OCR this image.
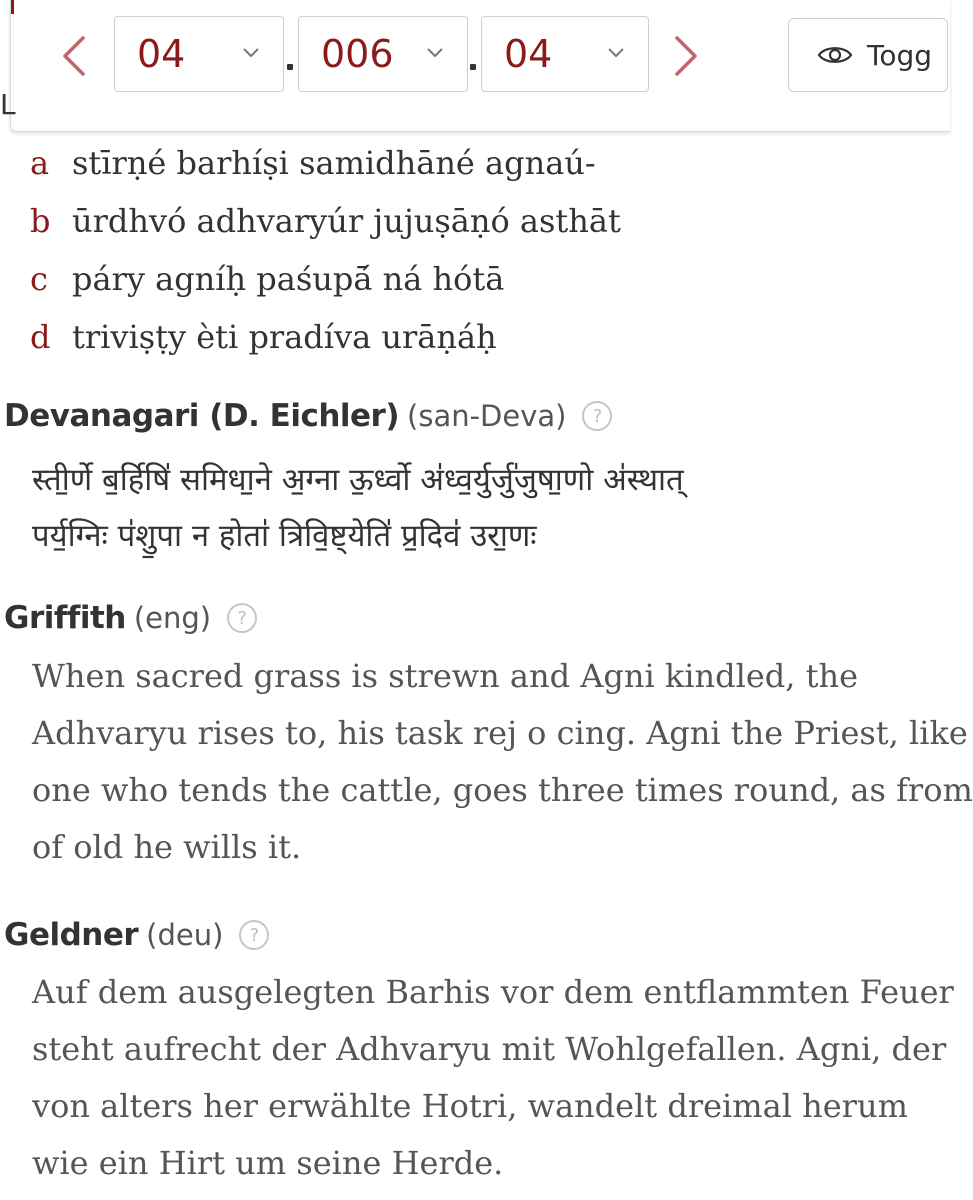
L
04	006	04	Togg
a stīrṇé barhíṣi samidhāné agnaú-
b ūrdhvó adhvaryúr jujuṣāṇó asthāt
c páry agníḥ paśupā́ ná hótā
d triviṣṭy èti pradíva urāṇáḥ
Devanagari (D. Eichler) (san-Deva)	?
स्ती॒र्णे ब॒र्हिषि॑ समिधा॒ने अ॒ग्ना ऊ॒र्ध्वो अ॑ध्व॒र्युर्जु॑जुषा॒णो अ॑स्थात्
पर्य॒ग्निः प॑शु॒पा न होता॑ त्रिवि॒ष्ट्येति॑ प्र॒दिव॑ उरा॒णः
Griffith (eng)	?
When sacred grass is strewn and Agni kindled, the
Adhvaryu rises to, his task rej o cing. Agni the Priest, like
one who tends the cattle, goes three times round, as from
of old he wills it.
Geldner (deu)	?
Auf dem ausgelegten Barhis vor dem entflammten Feuer
steht aufrecht der Adhvaryu mit Wohlgefallen. Agni, der
von alters her erwählte Hotri, wandelt dreimal herum
wie ein Hirt um seine Herde.
